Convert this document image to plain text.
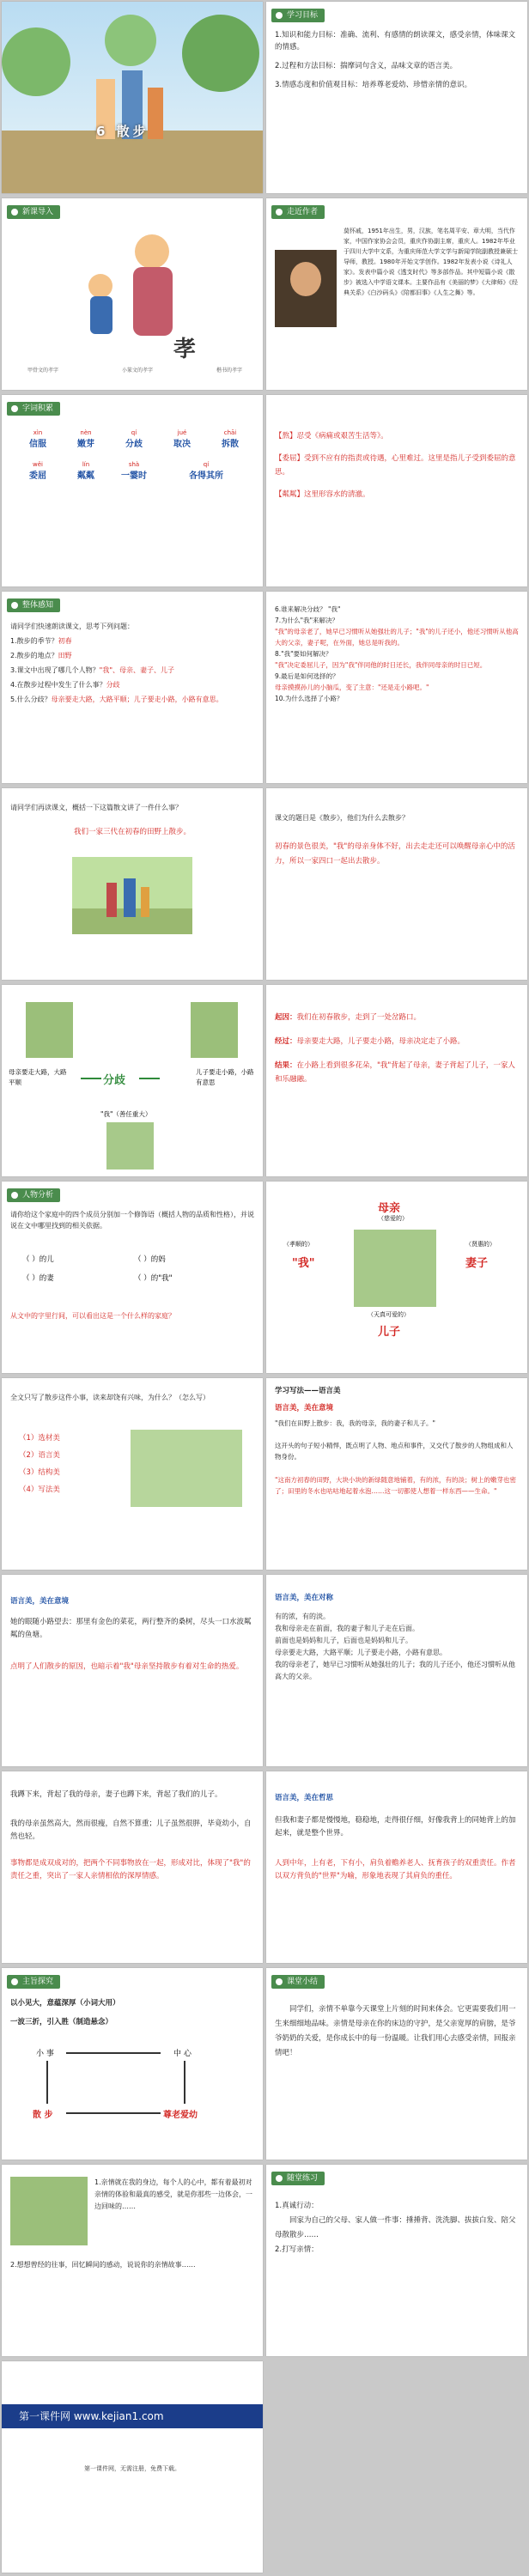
6 散步
学习目标
1.知识和能力目标：准确、流利、有感情的朗读课文，感受亲情，体味课文的情感。
2.过程和方法目标：揣摩词句含义，品味文章的语言美。
3.情感态度和价值观目标：培养尊老爱幼、珍惜亲情的意识。
新课导入
孝
甲骨文的孝字	小篆文的孝字	楷书的孝字
走近作者
莫怀戚，1951年出生，男，汉族，笔名周平安、章大明，当代作家，中国作家协会会员，重庆作协副主席，重庆人。1982年毕业于四川大学中文系，为重庆师范大学文学与新闻学院副教授兼硕士导师，教授。1980年开始文学创作。1982年发表小说《诗礼人家》。发表中篇小说《透支时代》等多部作品。其中短篇小说《散步》被选入中学语文课本。主要作品有《美丽的梦》《大律师》《经典关系》《白沙码头》《陪都旧事》《人生之舞》等。
字词积累
xìn
信服
nèn
嫩芽
qí
分歧
jué
取决
chāi
拆散
wěi
委屈
lín
粼粼
shà
一霎时
qí
各得其所
【熬】忍受《病痛或艰苦生活等》。
【委屈】受到不应有的指责或待遇，心里难过。这里是指儿子受到委屈的意思。
【粼粼】这里形容水的清澈。
整体感知
请同学们快速朗读课文，思考下列问题：
1.散步的季节？初春
2.散步的地点？田野
3.课文中出现了哪几个人物？"我"、母亲、妻子、儿子
4.在散步过程中发生了什么事？分歧
5.什么分歧？母亲要走大路，大路平顺；儿子要走小路，小路有意思。
6.谁来解决分歧？ "我"
7.为什么"我"来解决？
"我"的母亲老了，她早已习惯听从她强壮的儿子；"我"的儿子还小，他还习惯听从他高大的父亲，妻子呢，在外面，她总是听我的。
8."我"要如何解决？
"我"决定委屈儿子，因为"我"伴同他的时日还长，我伴同母亲的时日已短。
9.最后是如何选择的？
母亲摸摸孙儿的小脑瓜，变了主意："还是走小路吧。"
10.为什么选择了小路？
请同学们再读课文，概括一下这篇散文讲了一件什么事？
我们一家三代在初春的田野上散步。
课文的题目是《散步》，他们为什么去散步？
初春的景色很美，"我"的母亲身体不好，出去走走还可以唤醒母亲心中的活力，所以一家四口一起出去散步。
母亲要走大路，大路平顺
儿子要走小路，小路有意思
分歧
"我"（善任重大）
起因：我们在初春散步，走到了一处岔路口。
经过：母亲要走大路，儿子要走小路，母亲决定走了小路。
结果：在小路上看到很多花朵，"我"背起了母亲，妻子背起了儿子，一家人和乐融融。
人物分析
请你给这个家庭中的四个成员分别加一个修饰语（概括人物的品质和性格），并说说在文中哪里找到的相关依据。
（ ）的儿	（ ）的妈
（ ）的妻	（ ）的"我"
从文中的字里行间，可以看出这是一个什么样的家庭？
母亲
（慈爱的）
（孝顺的）
"我"
（贤惠的）
妻子
（天真可爱的）
儿子
全文只写了散步这件小事，读来却饶有兴味，为什么？（怎么写）
（1）选材美
（2）语言美
（3）结构美
（4）写法美
学习写法——语言美
语言美，美在意境
"我们在田野上散步：我，我的母亲，我的妻子和儿子。"
这开头的句子短小精悍，既点明了人物、地点和事件，又交代了散步的人物组成和人物身份。
"这南方初春的田野，大块小块的新绿随意地铺着，有的浓，有的淡；树上的嫩芽也密了；田里的冬水也咕咕地起着水泡……这一切都使人想着一样东西——生命。"
语言美，美在意境
她的眼随小路望去：那里有金色的菜花，两行整齐的桑树，尽头一口水波粼粼的鱼塘。
点明了人们散步的原因，也暗示着"我"母亲坚持散步有着对生命的热爱。
语言美，美在对称
有的浓，有的淡。
我和母亲走在前面，我的妻子和儿子走在后面。
前面也是妈妈和儿子，后面也是妈妈和儿子。
母亲要走大路，大路平顺；儿子要走小路，小路有意思。
我的母亲老了，她早已习惯听从她强壮的儿子；我的儿子还小，他还习惯听从他高大的父亲。
我蹲下来，背起了我的母亲，妻子也蹲下来，背起了我们的儿子。
我的母亲虽然高大，然而很瘦，自然不算重；儿子虽然很胖，毕竟幼小，自然也轻。
事物都是成双成对的，把两个不同事物放在一起，形成对比，体现了"我"的责任之重，突出了一家人亲情相依的深厚情感。
语言美，美在哲思
但我和妻子都是慢慢地，稳稳地，走得很仔细，好像我背上的同她背上的加起来，就是整个世界。
人到中年，上有老，下有小，肩负着赡养老人、抚育孩子的双重责任。作者以双方背负的"世界"为喻，形象地表现了其肩负的重任。
主旨探究
以小见大，意蕴深厚（小词大用）
一波三折，引入胜（制造悬念）
小 事	中 心
散 步	尊老爱幼
课堂小结
同学们，亲情不单靠今天课堂上片刻的时间来体会。它更需要我们用一生来细细地品味。亲情是母亲在你的床边的守护，是父亲宽厚的肩膀，是爷爷奶奶的关爱，是你成长中的每一份温暖。让我们用心去感受亲情，回报亲情吧！
1.亲情就在我的身边，每个人的心中，都有着最初对亲情的体验和最真的感受，就是你那些一边体会，一边回味的……
2.想想曾经的往事，回忆瞬间的感动，说说你的亲情故事……
随堂练习
1.真诚行动：
回家为自己的父母、家人做一件事：捶捶背、洗洗脚、拔拔白发、陪父母散散步……
2.打写亲情：
第一课件网 www.kejian1.com
第一课件网，无需注册，免费下载。
